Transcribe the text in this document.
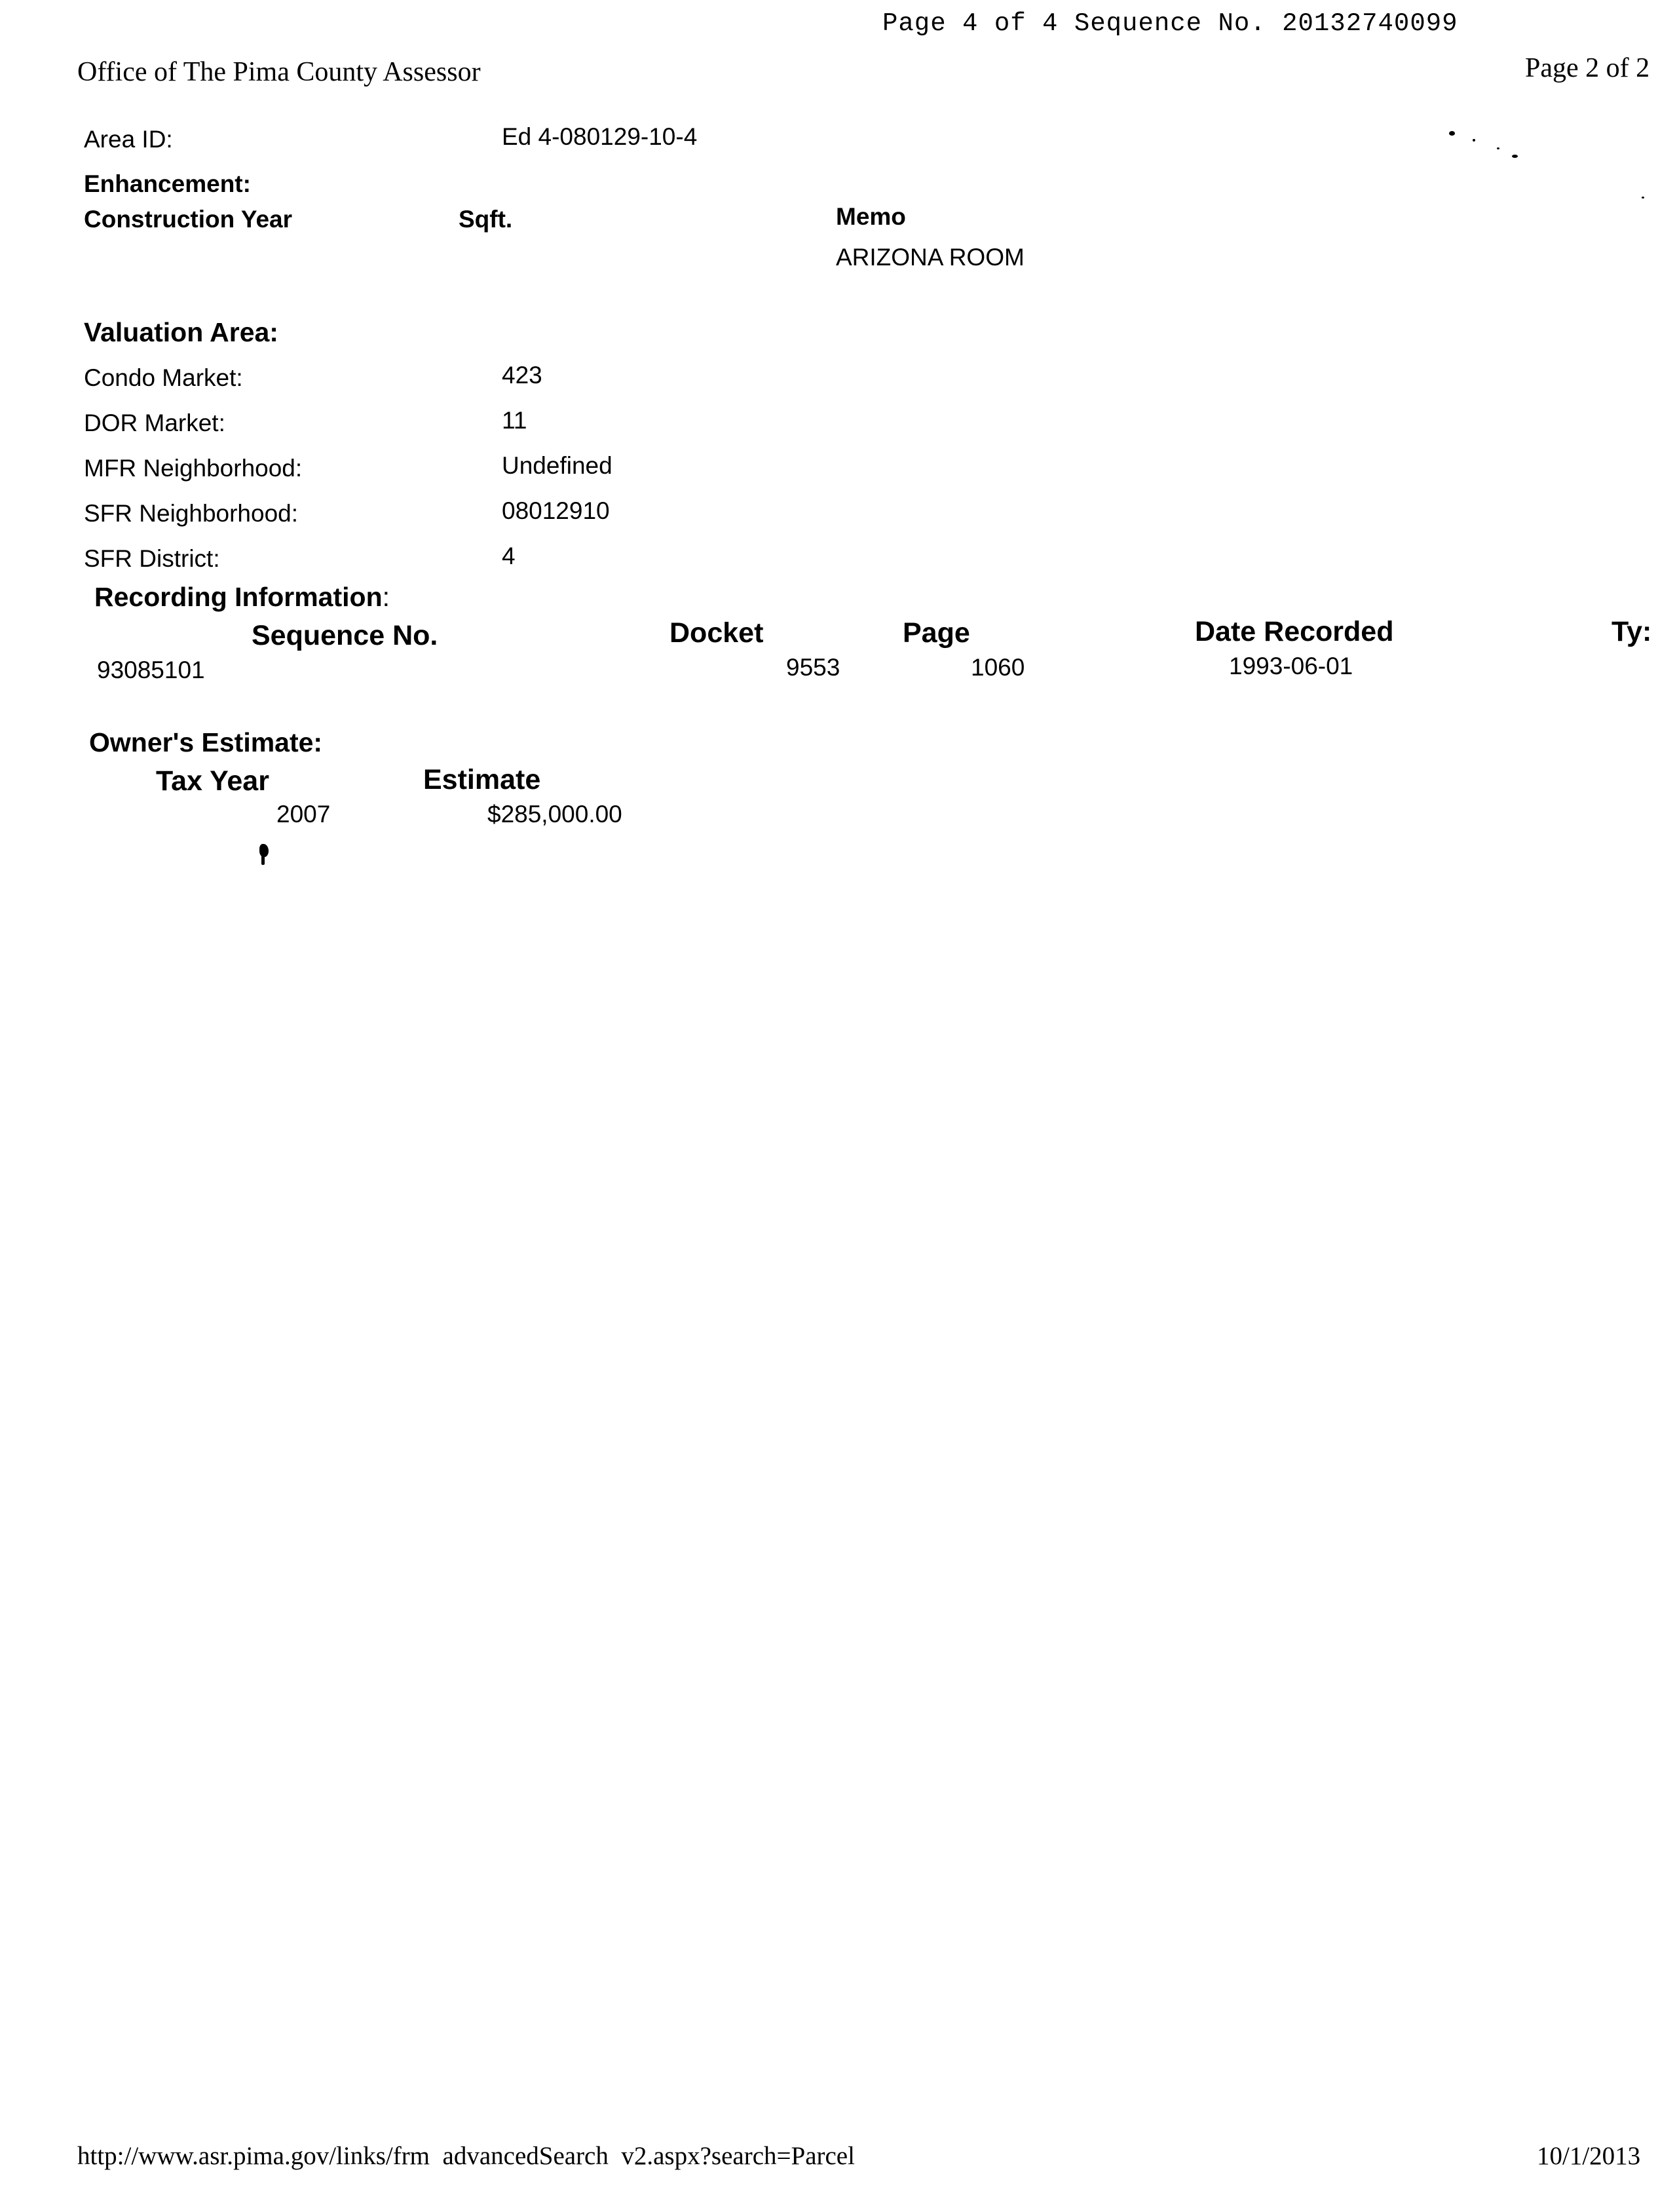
Page 4 of 4 Sequence No. 20132740099
Office of The Pima County Assessor	Page 2 of 2
Area ID:	Ed 4-080129-10-4
Enhancement:
Construction Year	Sqft.	Memo
ARIZONA ROOM
Valuation Area:
Condo Market:	423
DOR Market:	11
MFR Neighborhood:	Undefined
SFR Neighborhood:	08012910
SFR District:	4
Recording Information:
Sequence No.	Docket	Page	Date Recorded	Ty:
93085101	9553	1060	1993-06-01
Owner's Estimate:
Tax Year	Estimate
2007	$285,000.00
http://www.asr.pima.gov/links/frm  advancedSearch  v2.aspx?search=Parcel	10/1/2013
